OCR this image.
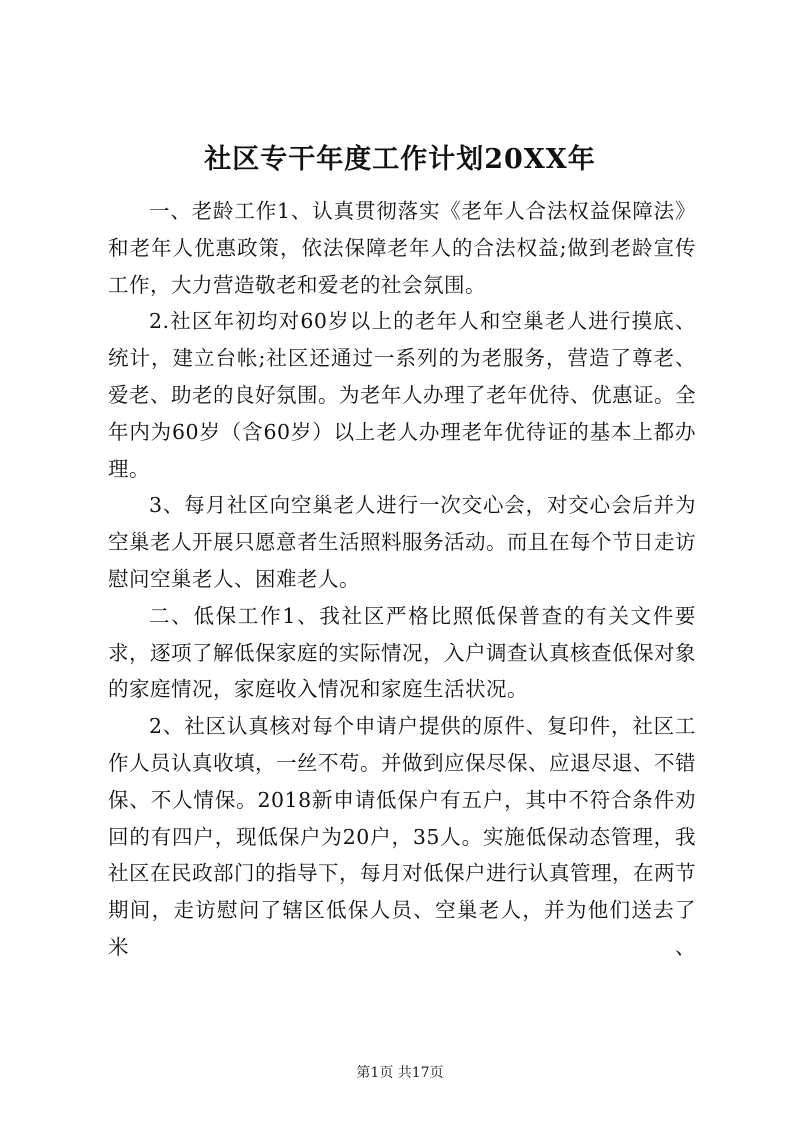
社区专干年度工作计划20XX年

一、老龄工作1、认真贯彻落实《老年人合法权益保障法》和老年人优惠政策，依法保障老年人的合法权益;做到老龄宣传工作，大力营造敬老和爱老的社会氛围。

2.社区年初均对60岁以上的老年人和空巢老人进行摸底、统计，建立台帐;社区还通过一系列的为老服务，营造了尊老、爱老、助老的良好氛围。为老年人办理了老年优待、优惠证。全年内为60岁（含60岁）以上老人办理老年优待证的基本上都办理。

3、每月社区向空巢老人进行一次交心会，对交心会后并为空巢老人开展只愿意者生活照料服务活动。而且在每个节日走访慰问空巢老人、困难老人。

二、低保工作1、我社区严格比照低保普查的有关文件要求，逐项了解低保家庭的实际情况，入户调查认真核查低保对象的家庭情况，家庭收入情况和家庭生活状况。

2、社区认真核对每个申请户提供的原件、复印件，社区工作人员认真收填，一丝不苟。并做到应保尽保、应退尽退、不错保、不人情保。2018新申请低保户有五户，其中不符合条件劝回的有四户，现低保户为20户，35人。实施低保动态管理，我社区在民政部门的指导下，每月对低保户进行认真管理，在两节期间，走访慰问了辖区低保人员、空巢老人，并为他们送去了米、

第1页 共17页
